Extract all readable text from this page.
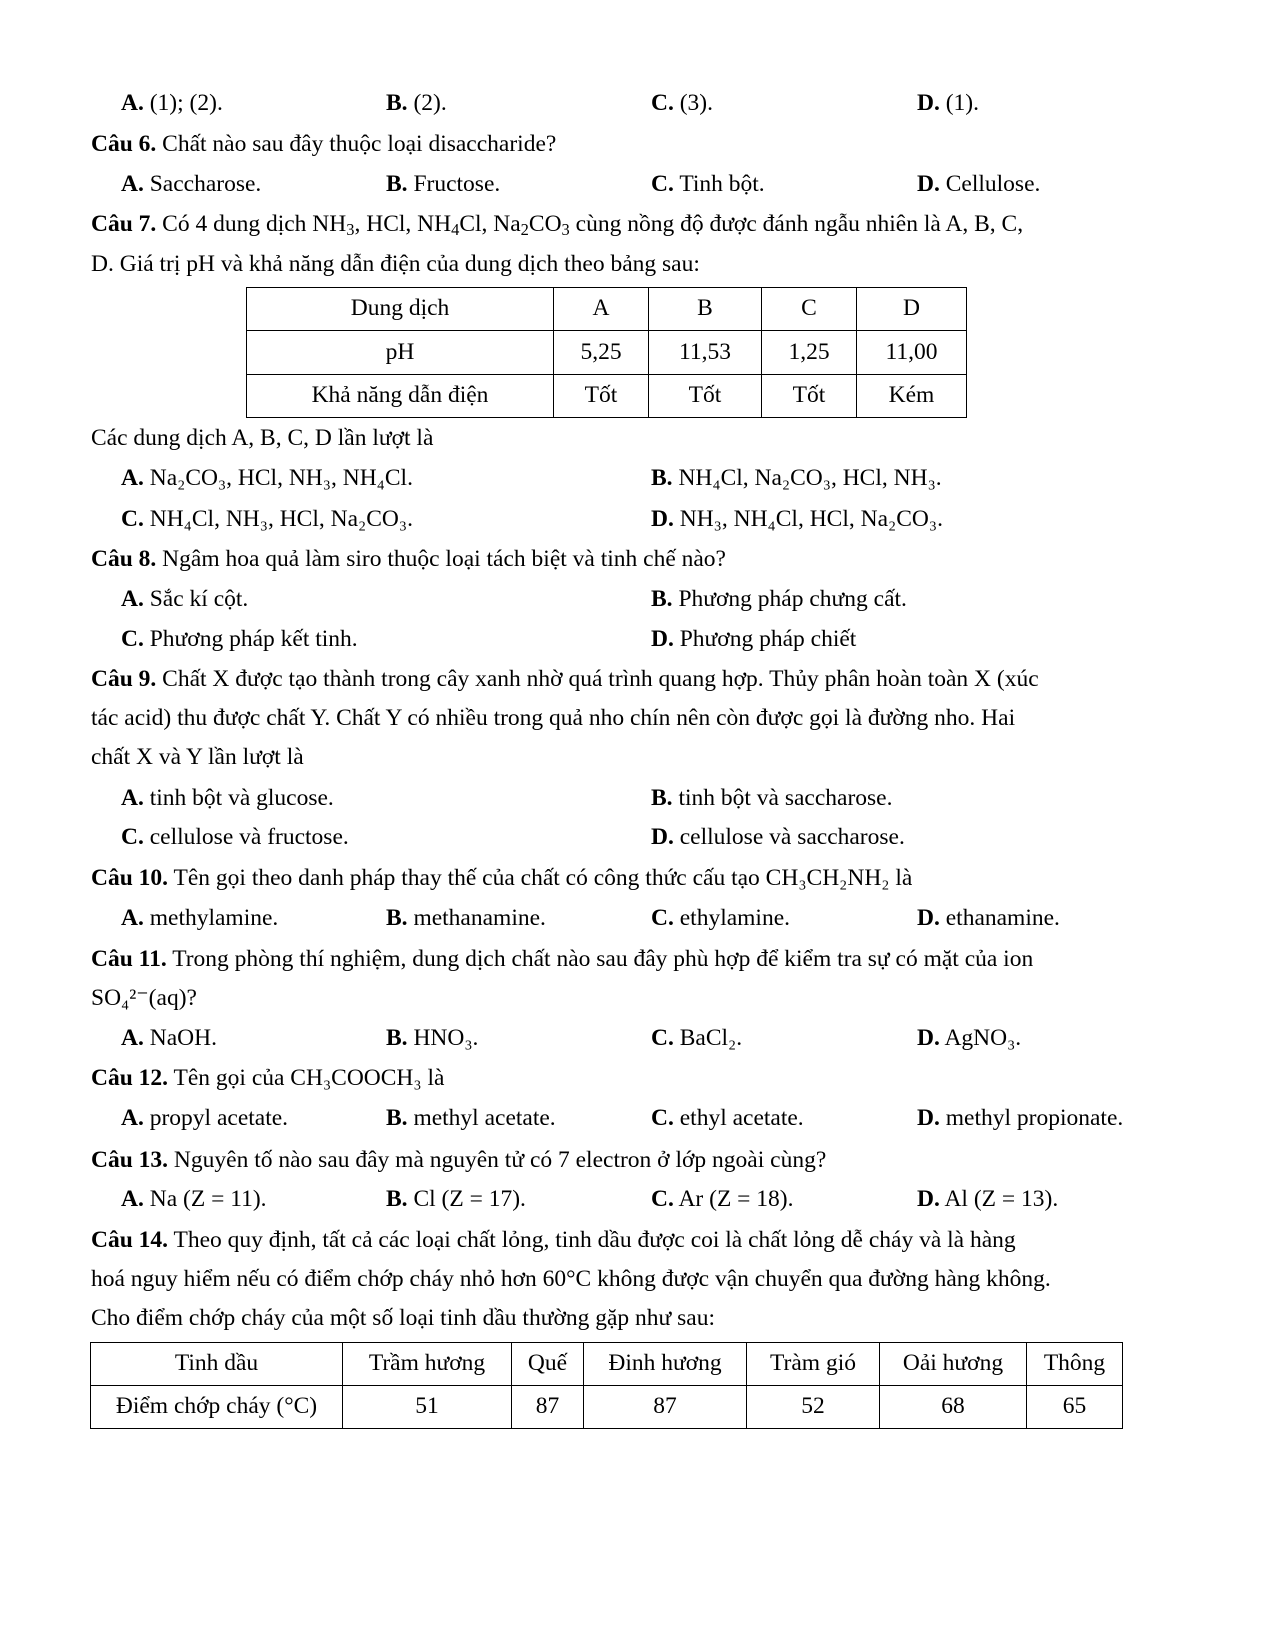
A. (1); (2).	B. (2).	C. (3).	D. (1).
Câu 6. Chất nào sau đây thuộc loại disaccharide?
A. Saccharose.	B. Fructose.	C. Tinh bột.	D. Cellulose.
Câu 7. Có 4 dung dịch $NH_3$, HCl, $NH_4Cl$, $Na_2CO_3$ cùng nồng độ được đánh ngẫu nhiên là A, B, C,
D. Giá trị pH và khả năng dẫn điện của dung dịch theo bảng sau:
Dung dịch	A	B	C	D
pH	5,25	11,53	1,25	11,00
Khả năng dẫn điện	Tốt	Tốt	Tốt	Kém
Các dung dịch A, B, C, D lần lượt là
A. Na₂CO₃, HCl, NH₃, NH₄Cl.	B. NH₄Cl, Na₂CO₃, HCl, NH₃.
C. NH₄Cl, NH₃, HCl, Na₂CO₃.	D. NH₃, NH₄Cl, HCl, Na₂CO₃.
Câu 8. Ngâm hoa quả làm siro thuộc loại tách biệt và tinh chế nào?
A. Sắc kí cột.	B. Phương pháp chưng cất.
C. Phương pháp kết tinh.	D. Phương pháp chiết
Câu 9. Chất X được tạo thành trong cây xanh nhờ quá trình quang hợp. Thủy phân hoàn toàn X (xúc
tác acid) thu được chất Y. Chất Y có nhiều trong quả nho chín nên còn được gọi là đường nho. Hai
chất X và Y lần lượt là
A. tinh bột và glucose.	B. tinh bột và saccharose.
C. cellulose và fructose.	D. cellulose và saccharose.
Câu 10. Tên gọi theo danh pháp thay thế của chất có công thức cấu tạo CH₃CH₂NH₂ là
A. methylamine.	B. methanamine.	C. ethylamine.	D. ethanamine.
Câu 11. Trong phòng thí nghiệm, dung dịch chất nào sau đây phù hợp để kiểm tra sự có mặt của ion
SO₄²⁻(aq)?
A. NaOH.	B. HNO₃.	C. BaCl₂.	D. AgNO₃.
Câu 12. Tên gọi của CH₃COOCH₃ là
A. propyl acetate.	B. methyl acetate.	C. ethyl acetate.	D. methyl propionate.
Câu 13. Nguyên tố nào sau đây mà nguyên tử có 7 electron ở lớp ngoài cùng?
A. Na (Z = 11).	B. Cl (Z = 17).	C. Ar (Z = 18).	D. Al (Z = 13).
Câu 14. Theo quy định, tất cả các loại chất lỏng, tinh dầu được coi là chất lỏng dễ cháy và là hàng
hoá nguy hiểm nếu có điểm chớp cháy nhỏ hơn 60°C không được vận chuyển qua đường hàng không.
Cho điểm chớp cháy của một số loại tinh dầu thường gặp như sau:
Tinh dầu	Trầm hương	Quế	Đinh hương	Tràm gió	Oải hương	Thông
Điểm chớp cháy (°C)	51	87	87	52	68	65
